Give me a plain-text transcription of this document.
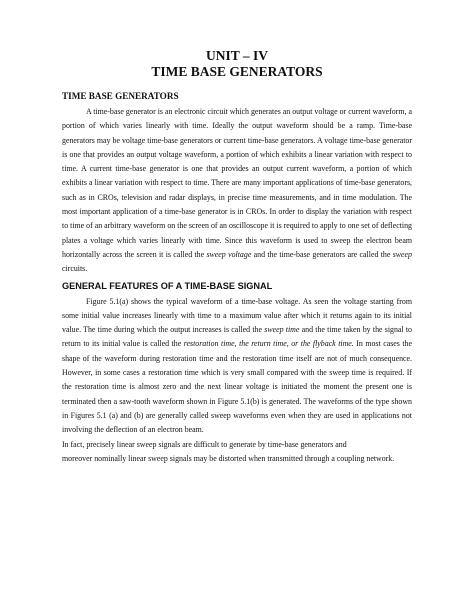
UNIT – IV
TIME BASE GENERATORS
TIME BASE GENERATORS

A time-base generator is an electronic circuit which generates an output voltage or current waveform, a portion of which varies linearly with time. Ideally the output waveform should be a ramp. Time-base generators may be voltage time-base generators or current time-base generators. A voltage time-base generator is one that provides an output voltage waveform, a portion of which exhibits a linear variation with respect to time. A current time-base generator is one that provides an output current waveform, a portion of which exhibits a linear variation with respect to time. There are many important applications of time-base generators, such as in CROs, television and radar displays, in precise time measurements, and in time modulation. The most important application of a time-base generator is in CROs. In order to display the variation with respect to time of an arbitrary waveform on the screen of an oscilloscope it is required to apply to one set of deflecting plates a voltage which varies linearly with time. Since this waveform is used to sweep the electron beam horizontally across the screen it is called the sweep voltage and the time-base generators are called the sweep circuits.

GENERAL FEATURES OF A TIME-BASE SIGNAL

Figure 5.1(a) shows the typical waveform of a time-base voltage. As seen the voltage starting from some initial value increases linearly with time to a maximum value after which it returns again to its initial value. The time during which the output increases is called the sweep time and the time taken by the signal to return to its initial value is called the restoration time, the return time, or the flyback time. In most cases the shape of the waveform during restoration time and the restoration time itself are not of much consequence. However, in some cases a restoration time which is very small compared with the sweep time is required. If the restoration time is almost zero and the next linear voltage is initiated the moment the present one is terminated then a saw-tooth waveform shown in Figure 5.1(b) is generated. The waveforms of the type shown in Figures 5.1 (a) and (b) are generally called sweep waveforms even when they are used in applications not involving the deflection of an electron beam.

In fact, precisely linear sweep signals are difficult to generate by time-base generators and

moreover nominally linear sweep signals may be distorted when transmitted through a coupling network.
